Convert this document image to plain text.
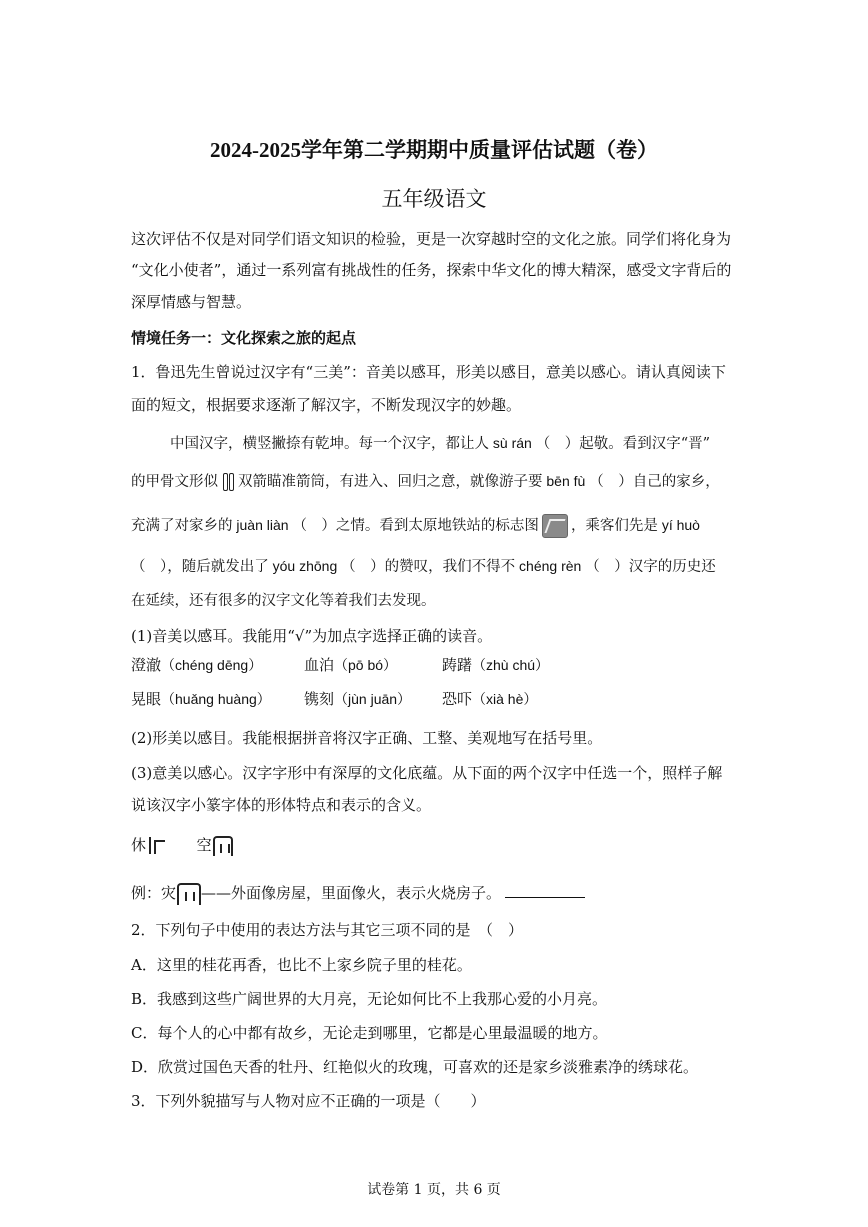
2024-2025学年第二学期期中质量评估试题（卷）
五年级语文
这次评估不仅是对同学们语文知识的检验，更是一次穿越时空的文化之旅。同学们将化身为
“文化小使者”，通过一系列富有挑战性的任务，探索中华文化的博大精深，感受文字背后的
深厚情感与智慧。
情境任务一：文化探索之旅的起点
1．鲁迅先生曾说过汉字有“三美”：音美以感耳，形美以感目，意美以感心。请认真阅读下
面的短文，根据要求逐渐了解汉字，不断发现汉字的妙趣。
中国汉字，横竖撇捺有乾坤。每一个汉字，都让人 sù rán （　）起敬。看到汉字“晋”
的甲骨文形似 双箭瞄准箭筒，有进入、回归之意，就像游子要 bēn fù （　）自己的家乡，
充满了对家乡的 juàn liàn （　）之情。看到太原地铁站的标志图 ，乘客们先是 yí huò
（　），随后就发出了 yóu zhōng （　）的赞叹，我们不得不 chéng rèn （　）汉字的历史还
在延续，还有很多的汉字文化等着我们去发现。
(1)音美以感耳。我能用“√”为加点字选择正确的读音。
澄澈（chéng dēng）	血泊（pō bó）	踌躇（zhù chú）
晃眼（huǎng huàng） 镌刻（jùn juān） 恐吓（xià hè）
(2)形美以感目。我能根据拼音将汉字正确、工整、美观地写在括号里。
(3)意美以感心。汉字字形中有深厚的文化底蕴。从下面的两个汉字中任选一个，照样子解
说该汉字小篆字体的形体特点和表示的含义。
休	空
例：灾 ——外面像房屋，里面像火，表示火烧房子。
2．下列句子中使用的表达方法与其它三项不同的是　（　）
A．这里的桂花再香，也比不上家乡院子里的桂花。
B．我感到这些广阔世界的大月亮，无论如何比不上我那心爱的小月亮。
C．每个人的心中都有故乡，无论走到哪里，它都是心里最温暖的地方。
D．欣赏过国色天香的牡丹、红艳似火的玫瑰，可喜欢的还是家乡淡雅素净的绣球花。
3．下列外貌描写与人物对应不正确的一项是（　　）
试卷第 1 页，共 6 页
